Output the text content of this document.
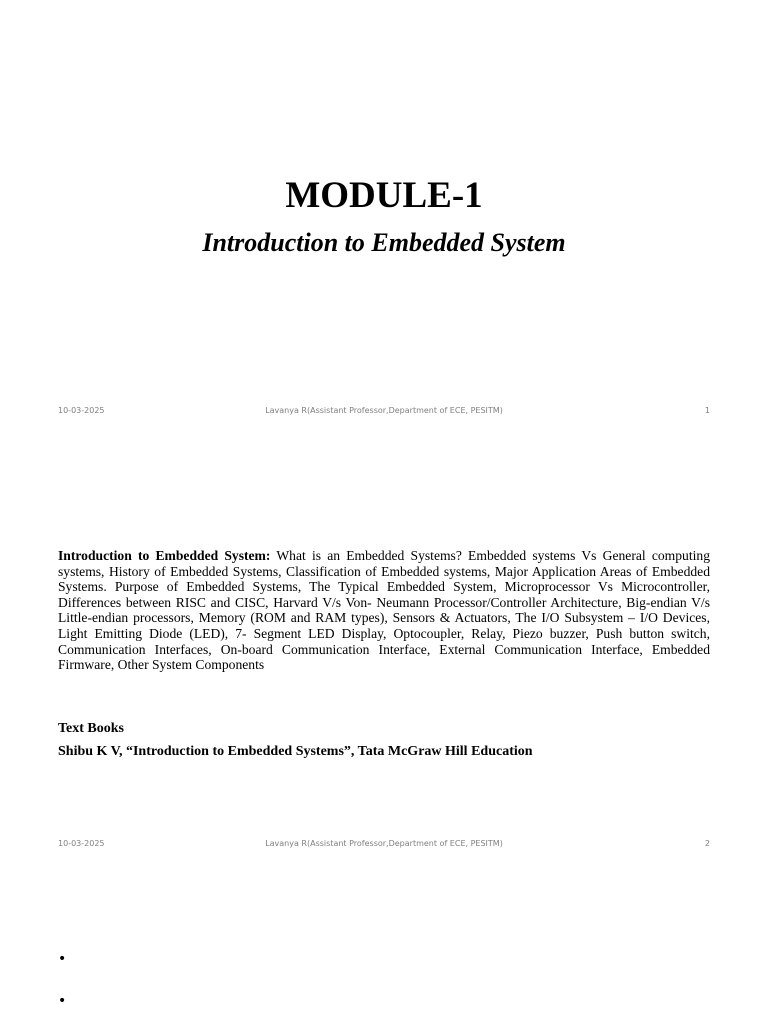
MODULE-1
Introduction to Embedded System
10-03-2025	Lavanya R(Assistant Professor,Department of ECE, PESITM)	1

Introduction to Embedded System: What is an Embedded Systems? Embedded systems Vs General computing systems, History of Embedded Systems, Classification of Embedded systems, Major Application Areas of Embedded Systems. Purpose of Embedded Systems, The Typical Embedded System, Microprocessor Vs Microcontroller, Differences between RISC and CISC, Harvard V/s Von- Neumann Processor/Controller Architecture, Big-endian V/s Little-endian processors, Memory (ROM and RAM types), Sensors & Actuators, The I/O Subsystem – I/O Devices, Light Emitting Diode (LED), 7- Segment LED Display, Optocoupler, Relay, Piezo buzzer, Push button switch, Communication Interfaces, On-board Communication Interface, External Communication Interface, Embedded Firmware, Other System Components

Text Books

Shibu K V, “Introduction to Embedded Systems”, Tata McGraw Hill Education

10-03-2025	Lavanya R(Assistant Professor,Department of ECE, PESITM)	2
•
•
